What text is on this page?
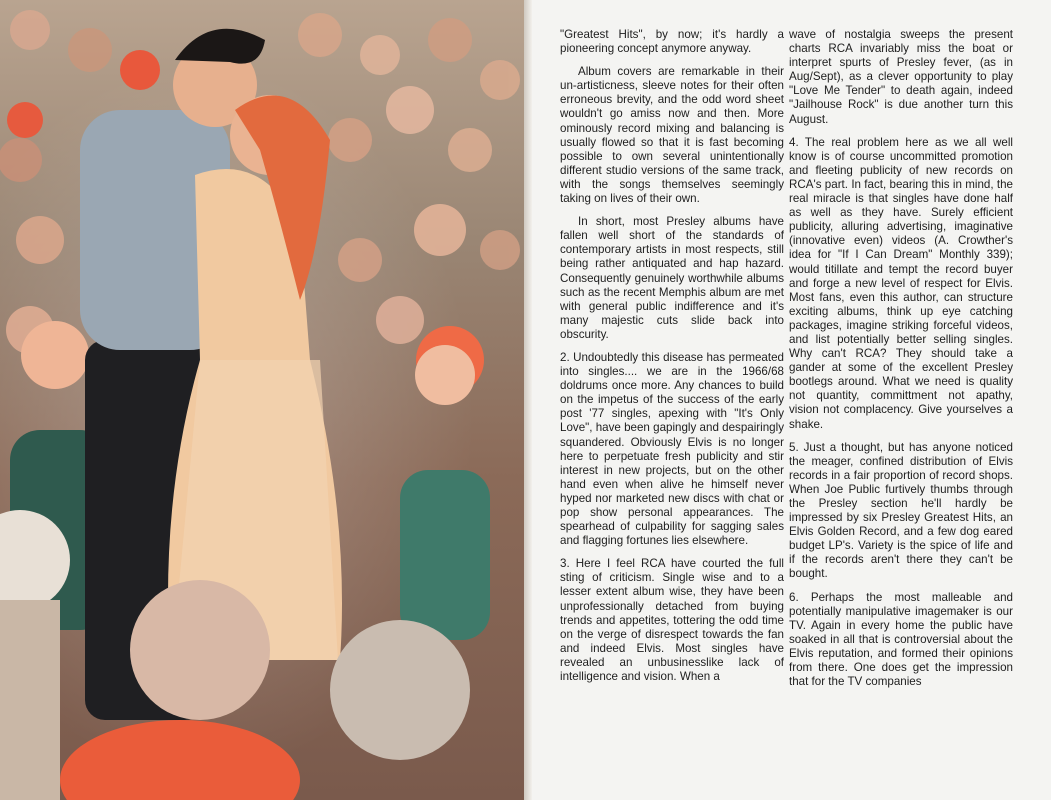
"Greatest Hits", by now; it's hardly a pioneering concept anymore anyway.

Album covers are remarkable in their un-artisticness, sleeve notes for their often erroneous brevity, and the odd word sheet wouldn't go amiss now and then. More ominously record mixing and balancing is usually flowed so that it is fast becoming possible to own several unintentionally different studio versions of the same track, with the songs themselves seemingly taking on lives of their own.

In short, most Presley albums have fallen well short of the standards of contemporary artists in most respects, still being rather antiquated and hap hazard. Consequently genuinely worthwhile albums such as the recent Memphis album are met with general public indifference and it's many majestic cuts slide back into obscurity.

2. Undoubtedly this disease has permeated into singles.... we are in the 1966/68 doldrums once more. Any chances to build on the impetus of the success of the early post '77 singles, apexing with "It's Only Love", have been gapingly and despairingly squandered. Obviously Elvis is no longer here to perpetuate fresh publicity and stir interest in new projects, but on the other hand even when alive he himself never hyped nor marketed new discs with chat or pop show personal appearances. The spearhead of culpability for sagging sales and flagging fortunes lies elsewhere.

3. Here I feel RCA have courted the full sting of criticism. Single wise and to a lesser extent album wise, they have been unprofessionally detached from buying trends and appetites, tottering the odd time on the verge of disrespect towards the fan and indeed Elvis. Most singles have revealed an unbusinesslike lack of intelligence and vision. When a

wave of nostalgia sweeps the present charts RCA invariably miss the boat or interpret spurts of Presley fever, (as in Aug/Sept), as a clever opportunity to play "Love Me Tender" to death again, indeed "Jailhouse Rock" is due another turn this August.

4. The real problem here as we all well know is of course uncommitted promotion and fleeting publicity of new records on RCA's part. In fact, bearing this in mind, the real miracle is that singles have done half as well as they have. Surely efficient publicity, alluring advertising, imaginative (innovative even) videos (A. Crowther's idea for "If I Can Dream" Monthly 339); would titillate and tempt the record buyer and forge a new level of respect for Elvis. Most fans, even this author, can structure exciting albums, think up eye catching packages, imagine striking forceful videos, and list potentially better selling singles. Why can't RCA? They should take a gander at some of the excellent Presley bootlegs around. What we need is quality not quantity, committment not apathy, vision not complacency. Give yourselves a shake.

5. Just a thought, but has anyone noticed the meager, confined distribution of Elvis records in a fair proportion of record shops. When Joe Public furtively thumbs through the Presley section he'll hardly be impressed by six Presley Greatest Hits, an Elvis Golden Record, and a few dog eared budget LP's. Variety is the spice of life and if the records aren't there they can't be bought.

6. Perhaps the most malleable and potentially manipulative imagemaker is our TV. Again in every home the public have soaked in all that is controversial about the Elvis reputation, and formed their opinions from there. One does get the impression that for the TV companies
